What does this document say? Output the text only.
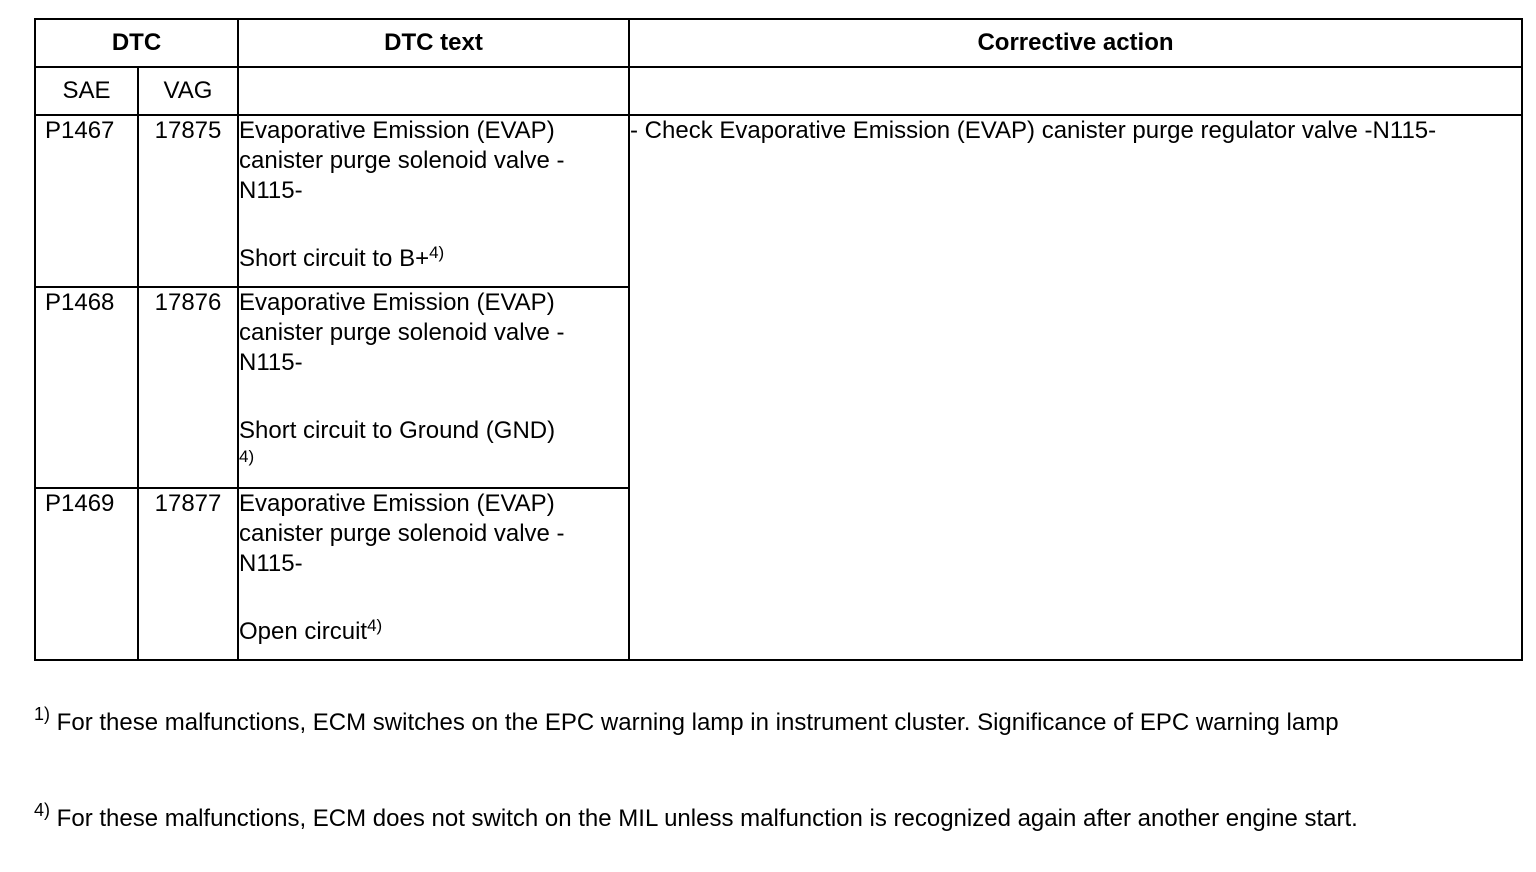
DTC		DTC text	Corrective action
SAE	VAG		
P1467	17875	Evaporative Emission (EVAP) canister purge solenoid valve -N115-
Short circuit to B+$^{4)}$	- Check Evaporative Emission (EVAP) canister purge regulator valve -N115-

P1468	17876	Evaporative Emission (EVAP) canister purge solenoid valve -N115-
Short circuit to Ground (GND)
4)	

P1469	17877	Evaporative Emission (EVAP) canister purge solenoid valve -N115-
Open circuit$^{4)}$
$^{1)}$ For these malfunctions, ECM switches on the EPC warning lamp in instrument cluster. Significance of EPC warning lamp
$^{4)}$ For these malfunctions, ECM does not switch on the MIL unless malfunction is recognized again after another engine start.
